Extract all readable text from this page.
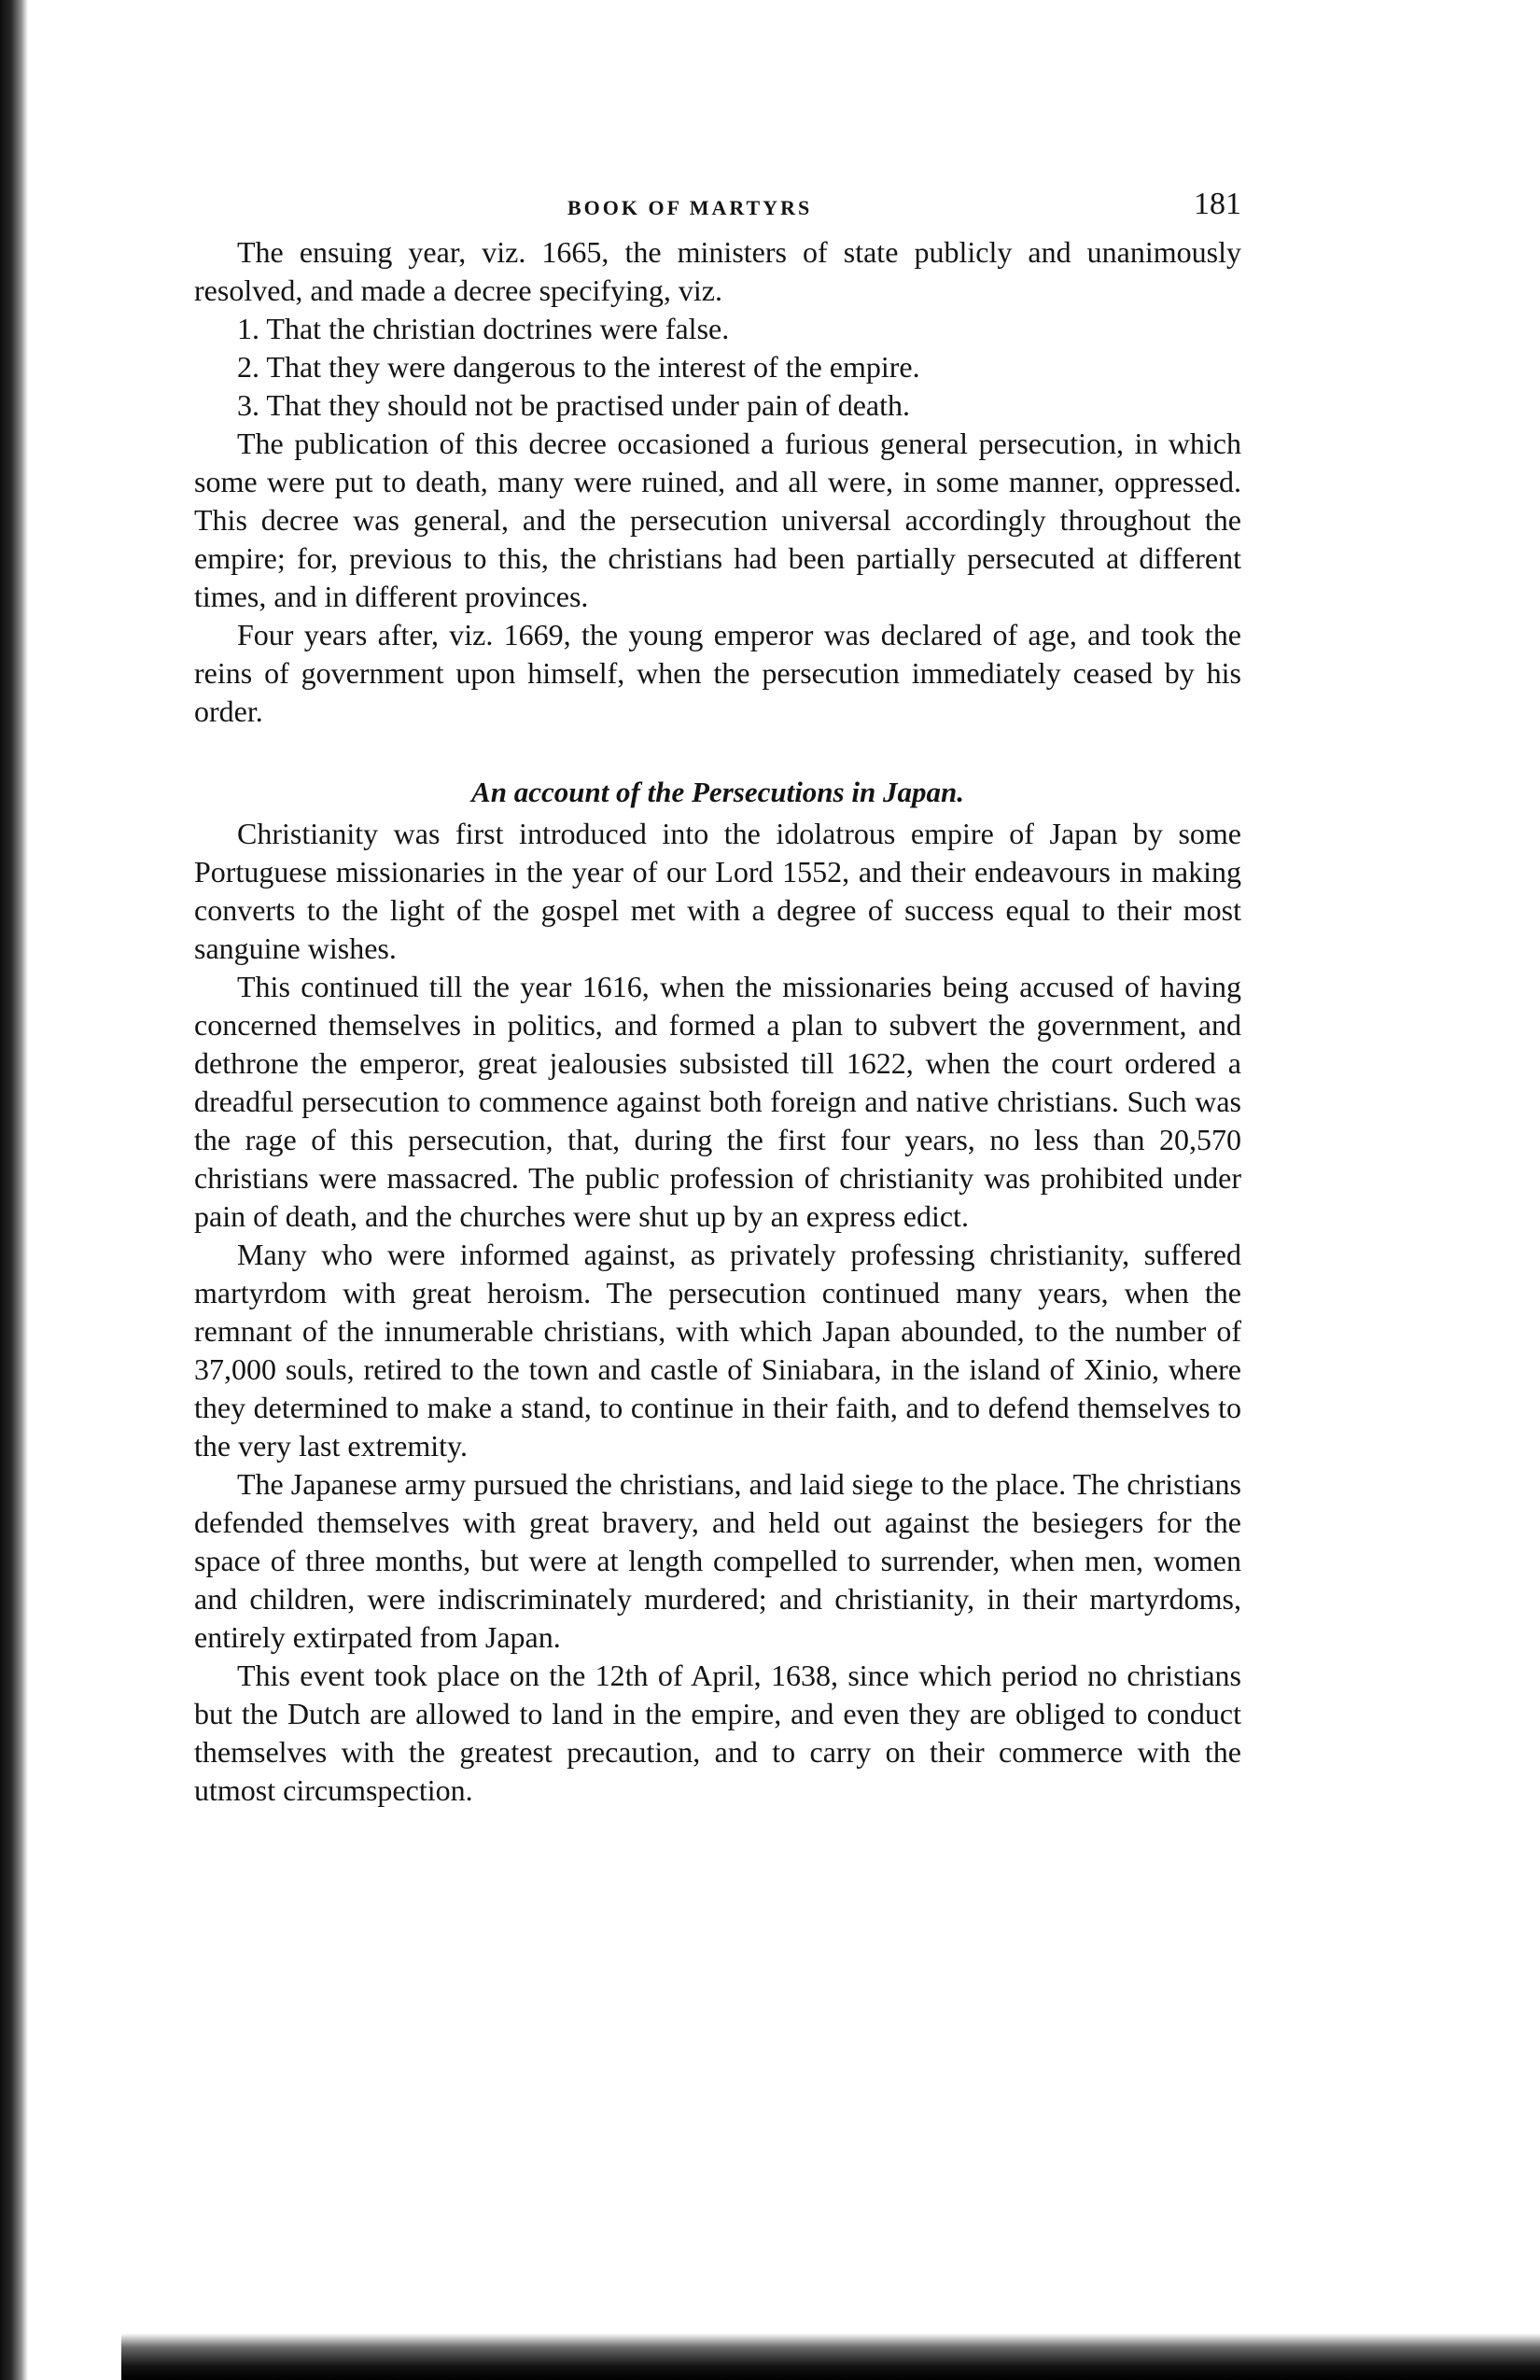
BOOK OF MARTYRS	181

The ensuing year, viz. 1665, the ministers of state publicly and unanimously resolved, and made a decree specifying, viz.

1. That the christian doctrines were false.

2. That they were dangerous to the interest of the empire.

3. That they should not be practised under pain of death.

The publication of this decree occasioned a furious general persecution, in which some were put to death, many were ruined, and all were, in some manner, oppressed. This decree was general, and the persecution universal accordingly throughout the empire; for, previous to this, the christians had been partially persecuted at different times, and in different provinces.

Four years after, viz. 1669, the young emperor was declared of age, and took the reins of government upon himself, when the persecution immediately ceased by his order.

An account of the Persecutions in Japan.

Christianity was first introduced into the idolatrous empire of Japan by some Portuguese missionaries in the year of our Lord 1552, and their endeavours in making converts to the light of the gospel met with a degree of success equal to their most sanguine wishes.

This continued till the year 1616, when the missionaries being accused of having concerned themselves in politics, and formed a plan to subvert the government, and dethrone the emperor, great jealousies subsisted till 1622, when the court ordered a dreadful persecution to commence against both foreign and native christians. Such was the rage of this persecution, that, during the first four years, no less than 20,570 christians were massacred. The public profession of christianity was prohibited under pain of death, and the churches were shut up by an express edict.

Many who were informed against, as privately professing christianity, suffered martyrdom with great heroism. The persecution continued many years, when the remnant of the innumerable christians, with which Japan abounded, to the number of 37,000 souls, retired to the town and castle of Siniabara, in the island of Xinio, where they determined to make a stand, to continue in their faith, and to defend themselves to the very last extremity.

The Japanese army pursued the christians, and laid siege to the place. The christians defended themselves with great bravery, and held out against the besiegers for the space of three months, but were at length compelled to surrender, when men, women and children, were indiscriminately murdered; and christianity, in their martyrdoms, entirely extirpated from Japan.

This event took place on the 12th of April, 1638, since which period no christians but the Dutch are allowed to land in the empire, and even they are obliged to conduct themselves with the greatest precaution, and to carry on their commerce with the utmost circumspection.
